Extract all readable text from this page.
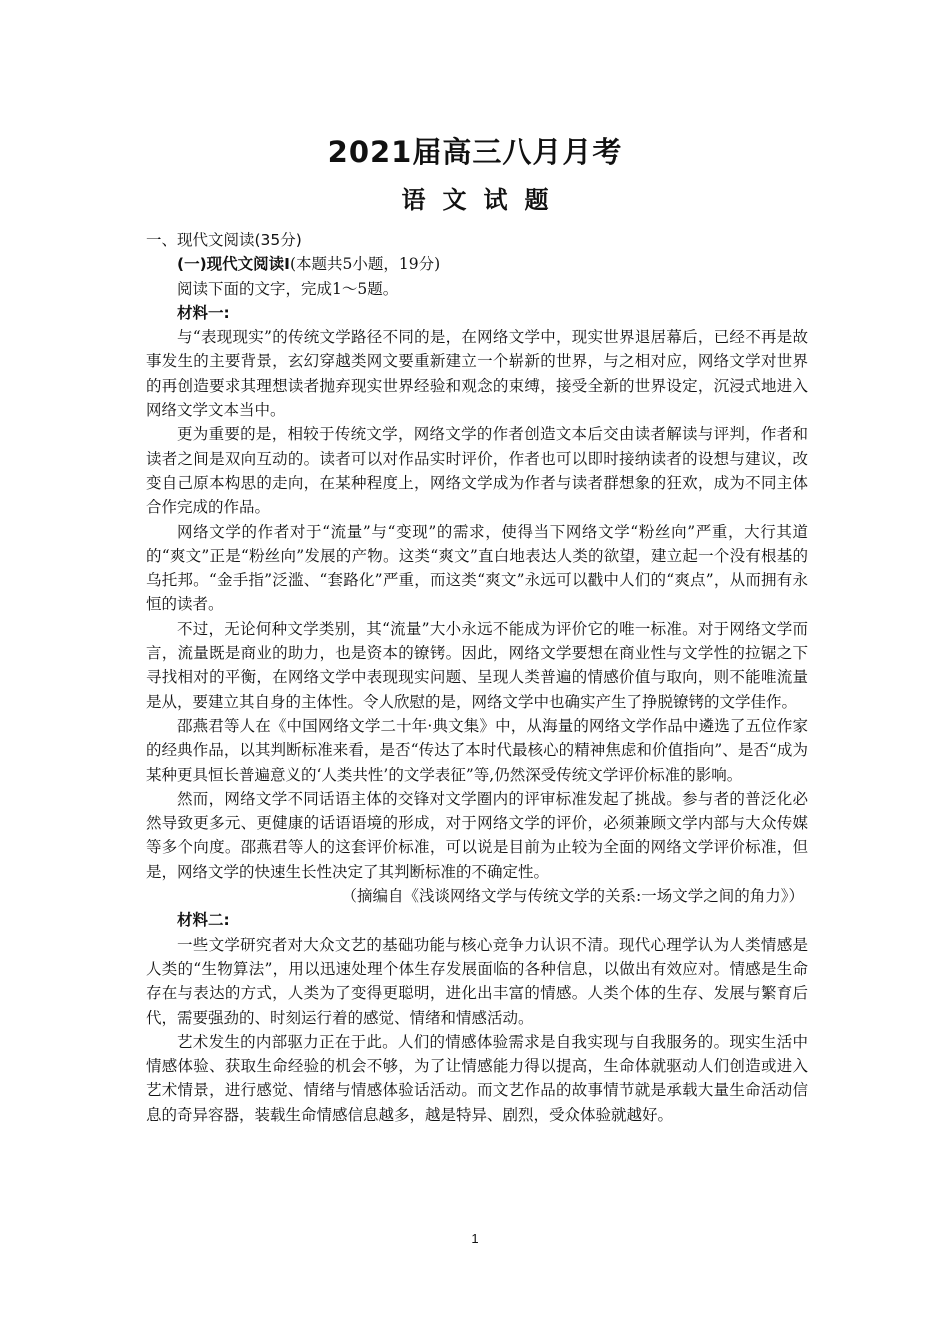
2021届高三八月月考
语文试题

一、现代文阅读(35分)

(一)现代文阅读Ⅰ(本题共5小题，19分)

阅读下面的文字，完成1～5题。

材料一:

与“表现现实”的传统文学路径不同的是，在网络文学中，现实世界退居幕后，已经不再是故事发生的主要背景，玄幻穿越类网文要重新建立一个崭新的世界，与之相对应，网络文学对世界的再创造要求其理想读者抛弃现实世界经验和观念的束缚，接受全新的世界设定，沉浸式地进入网络文学文本当中。

更为重要的是，相较于传统文学，网络文学的作者创造文本后交由读者解读与评判，作者和读者之间是双向互动的。读者可以对作品实时评价，作者也可以即时接纳读者的设想与建议，改变自己原本构思的走向，在某种程度上，网络文学成为作者与读者群想象的狂欢，成为不同主体合作完成的作品。

网络文学的作者对于“流量”与“变现”的需求，使得当下网络文学“粉丝向”严重，大行其道的“爽文”正是“粉丝向”发展的产物。这类“爽文”直白地表达人类的欲望，建立起一个没有根基的乌托邦。“金手指”泛滥、“套路化”严重，而这类“爽文”永远可以戳中人们的“爽点”，从而拥有永恒的读者。

不过，无论何种文学类别，其“流量”大小永远不能成为评价它的唯一标准。对于网络文学而言，流量既是商业的助力，也是资本的镣铐。因此，网络文学要想在商业性与文学性的拉锯之下寻找相对的平衡，在网络文学中表现现实问题、呈现人类普遍的情感价值与取向，则不能唯流量是从，要建立其自身的主体性。令人欣慰的是，网络文学中也确实产生了挣脱镣铐的文学佳作。

邵燕君等人在《中国网络文学二十年·典文集》中，从海量的网络文学作品中遴选了五位作家的经典作品，以其判断标准来看，是否“传达了本时代最核心的精神焦虑和价值指向”、是否“成为某种更具恒长普遍意义的‘人类共性’的文学表征”等,仍然深受传统文学评价标准的影响。

然而，网络文学不同话语主体的交锋对文学圈内的评审标准发起了挑战。参与者的普泛化必然导致更多元、更健康的话语语境的形成，对于网络文学的评价，必须兼顾文学内部与大众传媒等多个向度。邵燕君等人的这套评价标准，可以说是目前为止较为全面的网络文学评价标准，但是，网络文学的快速生长性决定了其判断标准的不确定性。

（摘编自《浅谈网络文学与传统文学的关系:一场文学之间的角力》）

材料二:

一些文学研究者对大众文艺的基础功能与核心竞争力认识不清。现代心理学认为人类情感是人类的“生物算法”，用以迅速处理个体生存发展面临的各种信息，以做出有效应对。情感是生命存在与表达的方式，人类为了变得更聪明，进化出丰富的情感。人类个体的生存、发展与繁育后代，需要强劲的、时刻运行着的感觉、情绪和情感活动。

艺术发生的内部驱力正在于此。人们的情感体验需求是自我实现与自我服务的。现实生活中情感体验、获取生命经验的机会不够，为了让情感能力得以提高，生命体就驱动人们创造或进入艺术情景，进行感觉、情绪与情感体验话活动。而文艺作品的故事情节就是承载大量生命活动信息的奇异容器，装载生命情感信息越多，越是特异、剧烈，受众体验就越好。

1
